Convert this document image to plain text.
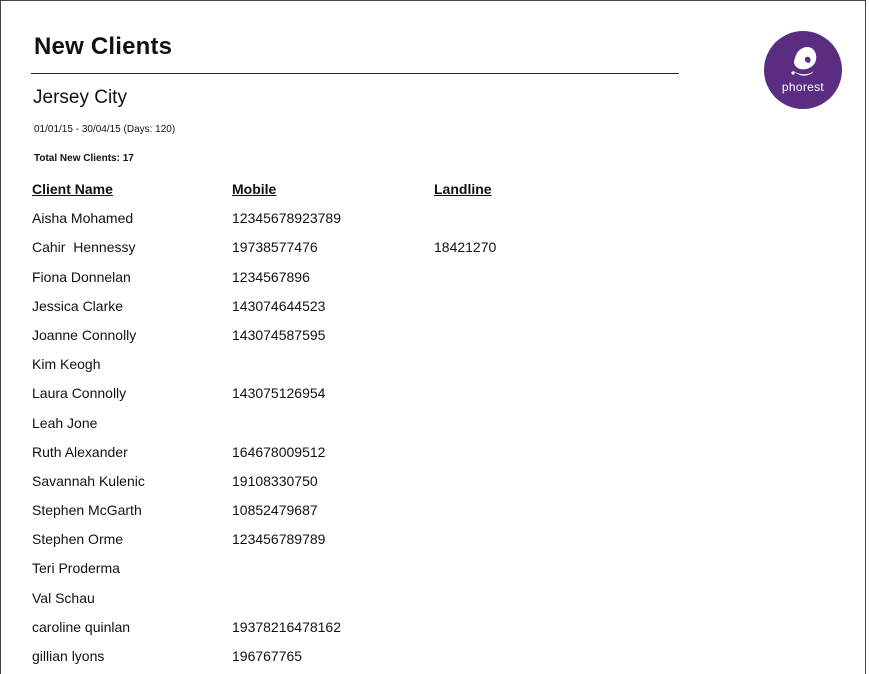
New Clients
Jersey City
01/01/15 - 30/04/15 (Days: 120)
Total New Clients: 17
phorest
Client Name	Mobile	Landline
Aisha Mohamed	12345678923789
Cahir  Hennessy	19738577476	18421270
Fiona Donnelan	1234567896
Jessica Clarke	143074644523
Joanne Connolly	143074587595
Kim Keogh
Laura Connolly	143075126954
Leah Jone
Ruth Alexander	164678009512
Savannah Kulenic	19108330750
Stephen McGarth	10852479687
Stephen Orme	123456789789
Teri Proderma
Val Schau
caroline quinlan	19378216478162
gillian lyons	196767765
